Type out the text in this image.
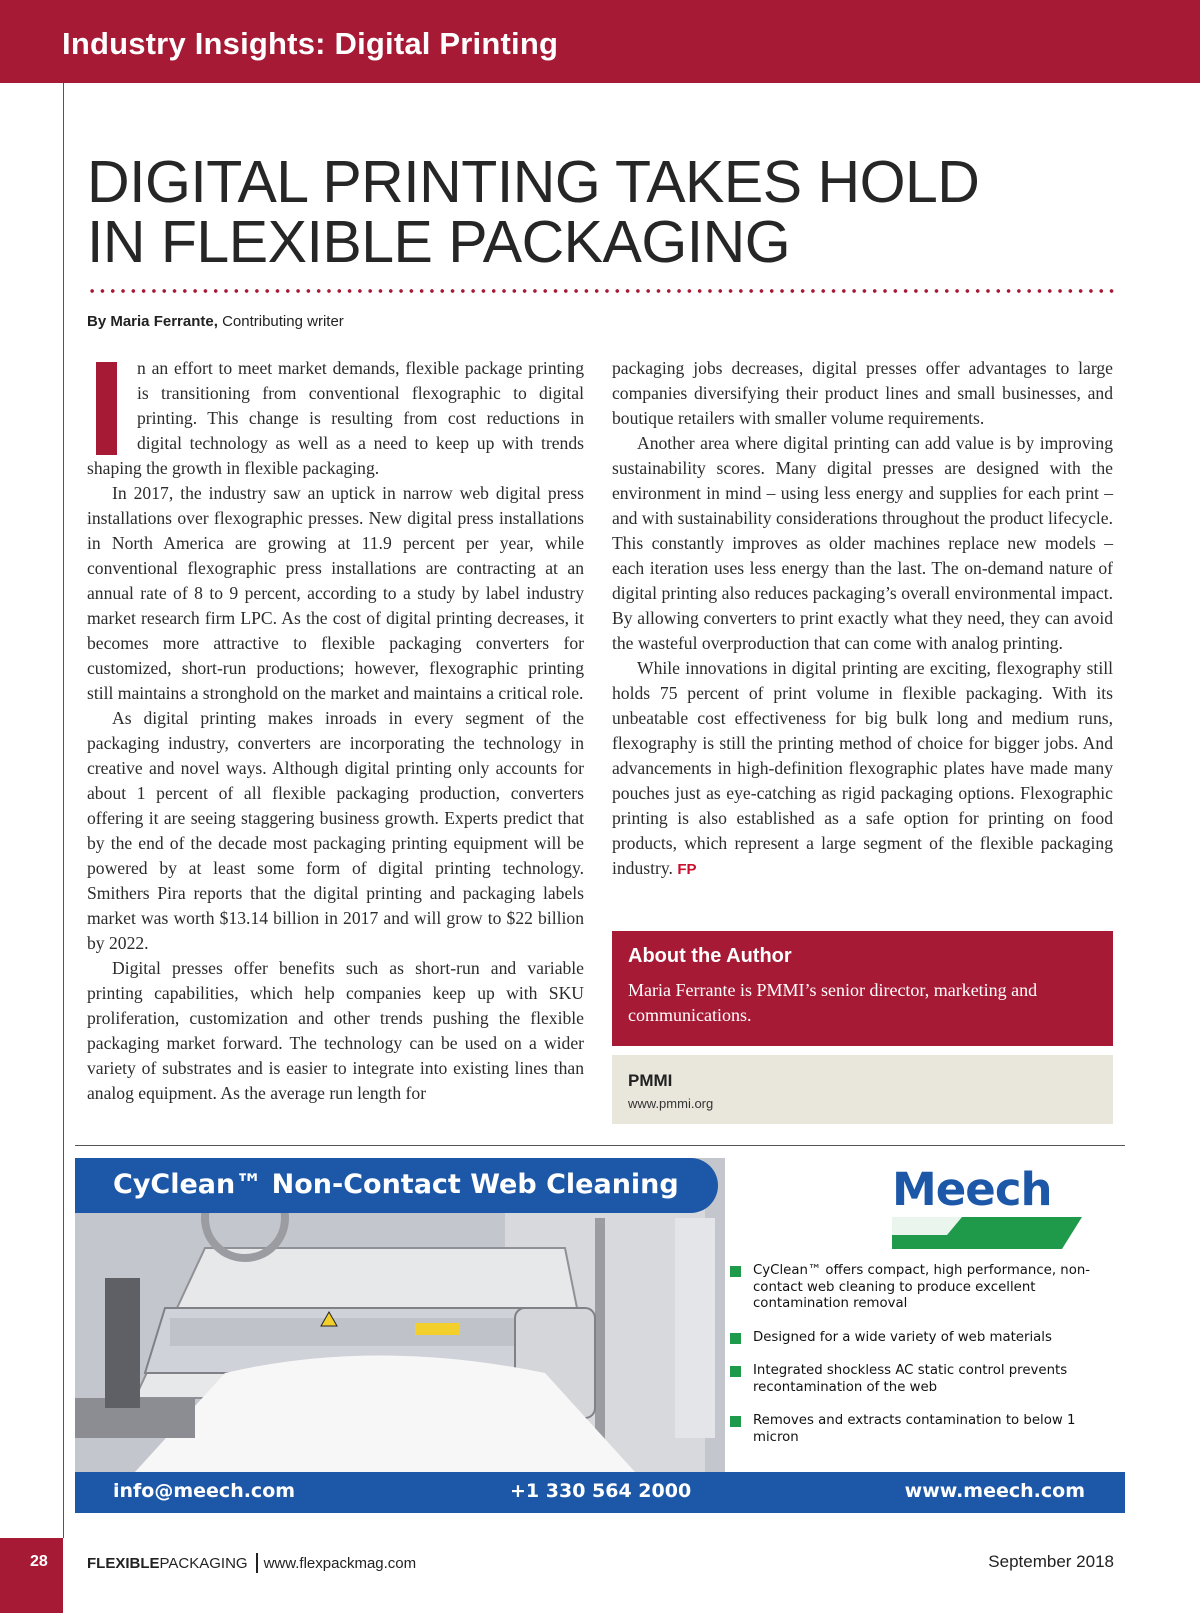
Industry Insights: Digital Printing
DIGITAL PRINTING TAKES HOLD
IN FLEXIBLE PACKAGING
By Maria Ferrante, Contributing writer

n an effort to meet market demands, flexible package printing is transitioning from conventional flexographic to digital printing. This change is resulting from cost reductions in digital technology as well as a need to keep up with trends shaping the growth in flexible packaging.

In 2017, the industry saw an uptick in narrow web digital press installations over flexographic presses. New digital press installations in North America are growing at 11.9 percent per year, while conventional flexographic press installations are contracting at an annual rate of 8 to 9 percent, according to a study by label industry market research firm LPC. As the cost of digital printing decreases, it becomes more attractive to flexible packaging converters for customized, short-run productions; however, flexographic printing still maintains a stronghold on the market and maintains a critical role.

As digital printing makes inroads in every segment of the packaging industry, converters are incorporating the technology in creative and novel ways. Although digital printing only accounts for about 1 percent of all flexible packaging production, converters offering it are seeing staggering business growth. Experts predict that by the end of the decade most packaging printing equipment will be powered by at least some form of digital printing technology. Smithers Pira reports that the digital printing and packaging labels market was worth $13.14 billion in 2017 and will grow to $22 billion by 2022.

Digital presses offer benefits such as short-run and variable printing capabilities, which help companies keep up with SKU proliferation, customization and other trends pushing the flexible packaging market forward. The technology can be used on a wider variety of substrates and is easier to integrate into existing lines than analog equipment. As the average run length for

packaging jobs decreases, digital presses offer advantages to large companies diversifying their product lines and small businesses, and boutique retailers with smaller volume requirements.

Another area where digital printing can add value is by improving sustainability scores. Many digital presses are designed with the environment in mind – using less energy and supplies for each print – and with sustainability considerations throughout the product lifecycle. This constantly improves as older machines replace new models – each iteration uses less energy than the last. The on-demand nature of digital printing also reduces packaging’s overall environmental impact. By allowing converters to print exactly what they need, they can avoid the wasteful overproduction that can come with analog printing.

While innovations in digital printing are exciting, flexography still holds 75 percent of print volume in flexible packaging. With its unbeatable cost effectiveness for big bulk long and medium runs, flexography is still the printing method of choice for bigger jobs. And advancements in high-definition flexographic plates have made many pouches just as eye-catching as rigid packaging options. Flexographic printing is also established as a safe option for printing on food products, which represent a large segment of the flexible packaging industry. FP

About the Author
Maria Ferrante is PMMI’s senior director, marketing and communications.
PMMI
www.pmmi.org
CyClean™ Non-Contact Web Cleaning	Meech
CyClean™ offers compact, high performance, non-contact web cleaning to produce excellent contamination removal
Designed for a wide variety of web materials
Integrated shockless AC static control prevents recontamination of the web
Removes and extracts contamination to below 1 micron
info@meech.com	+1 330 564 2000	www.meech.com
28	FLEXIBLEPACKAGING www.flexpackmag.com	September 2018
